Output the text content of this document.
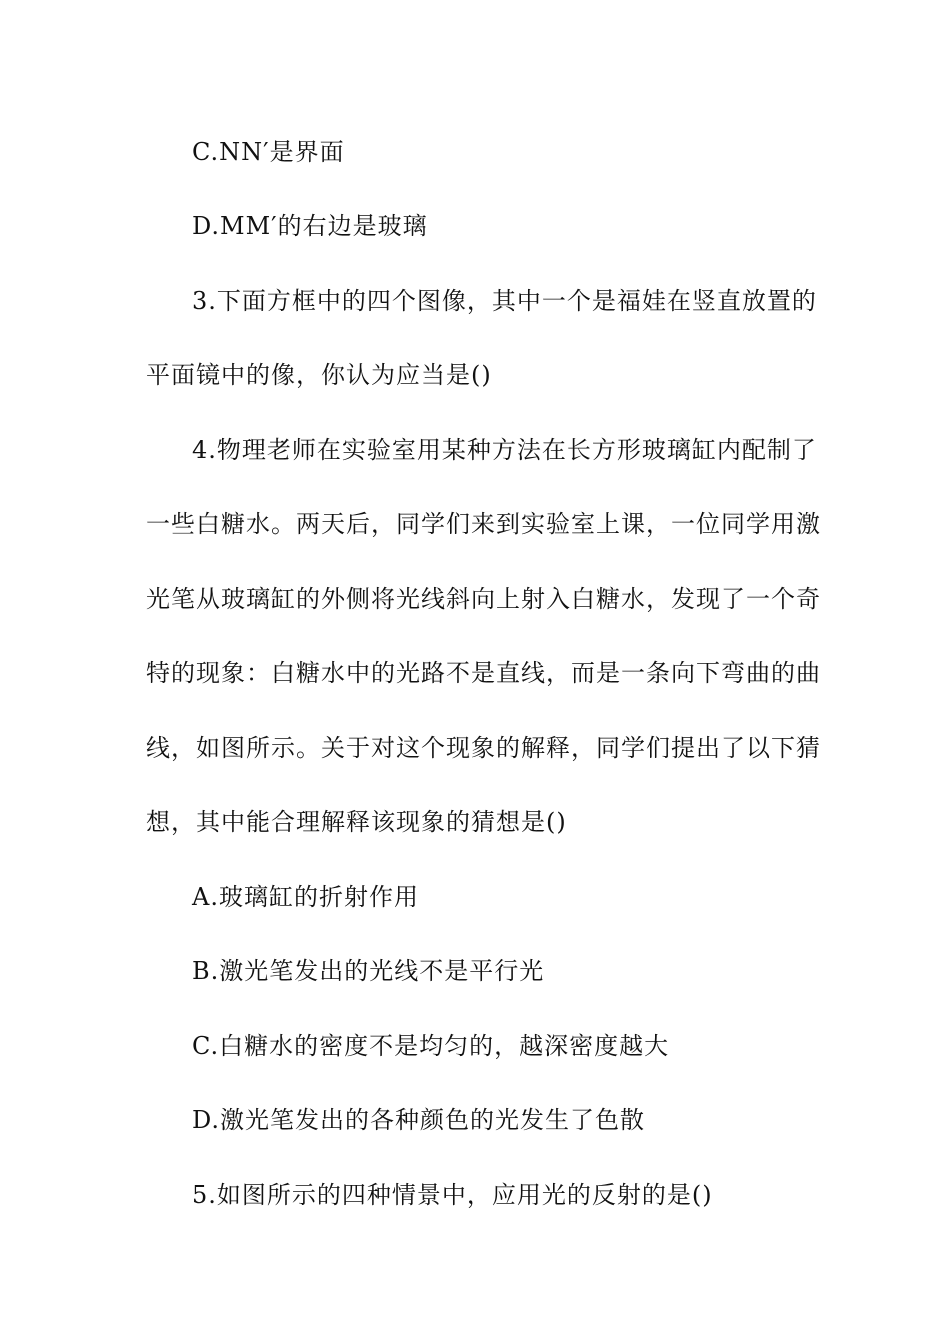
C.NN′是界面
D.MM′的右边是玻璃
3.下面方框中的四个图像，其中一个是福娃在竖直放置的
平面镜中的像，你认为应当是()
4.物理老师在实验室用某种方法在长方形玻璃缸内配制了
一些白糖水。两天后，同学们来到实验室上课，一位同学用激
光笔从玻璃缸的外侧将光线斜向上射入白糖水，发现了一个奇
特的现象：白糖水中的光路不是直线，而是一条向下弯曲的曲
线，如图所示。关于对这个现象的解释，同学们提出了以下猜
想，其中能合理解释该现象的猜想是()
A.玻璃缸的折射作用
B.激光笔发出的光线不是平行光
C.白糖水的密度不是均匀的，越深密度越大
D.激光笔发出的各种颜色的光发生了色散
5.如图所示的四种情景中，应用光的反射的是()
